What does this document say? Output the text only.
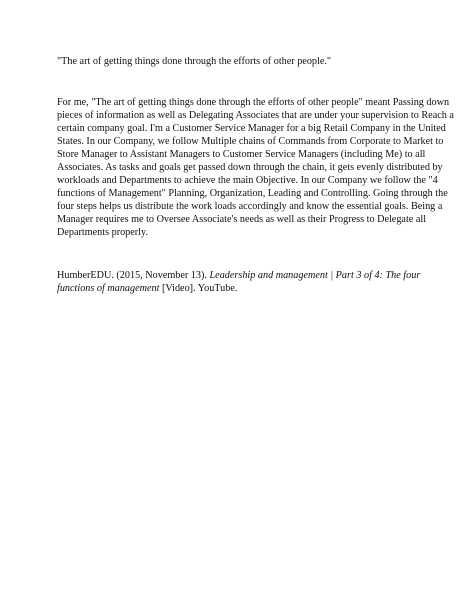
"The art of getting things done through the efforts of other people."

For me, "The art of getting things done through the efforts of other people" meant Passing down
pieces of information as well as Delegating Associates that are under your supervision to Reach a
certain company goal. I'm a Customer Service Manager for a big Retail Company in the United
States. In our Company, we follow Multiple chains of Commands from Corporate to Market to
Store Manager to Assistant Managers to Customer Service Managers (including Me) to all
Associates. As tasks and goals get passed down through the chain, it gets evenly distributed by
workloads and Departments to achieve the main Objective. In our Company we follow the "4
functions of Management" Planning, Organization, Leading and Controlling. Going through the
four steps helps us distribute the work loads accordingly and know the essential goals. Being a
Manager requires me to Oversee Associate's needs as well as their Progress to Delegate all
Departments properly.
HumberEDU. (2015, November 13). Leadership and management | Part 3 of 4: The four
functions of management [Video]. YouTube.
